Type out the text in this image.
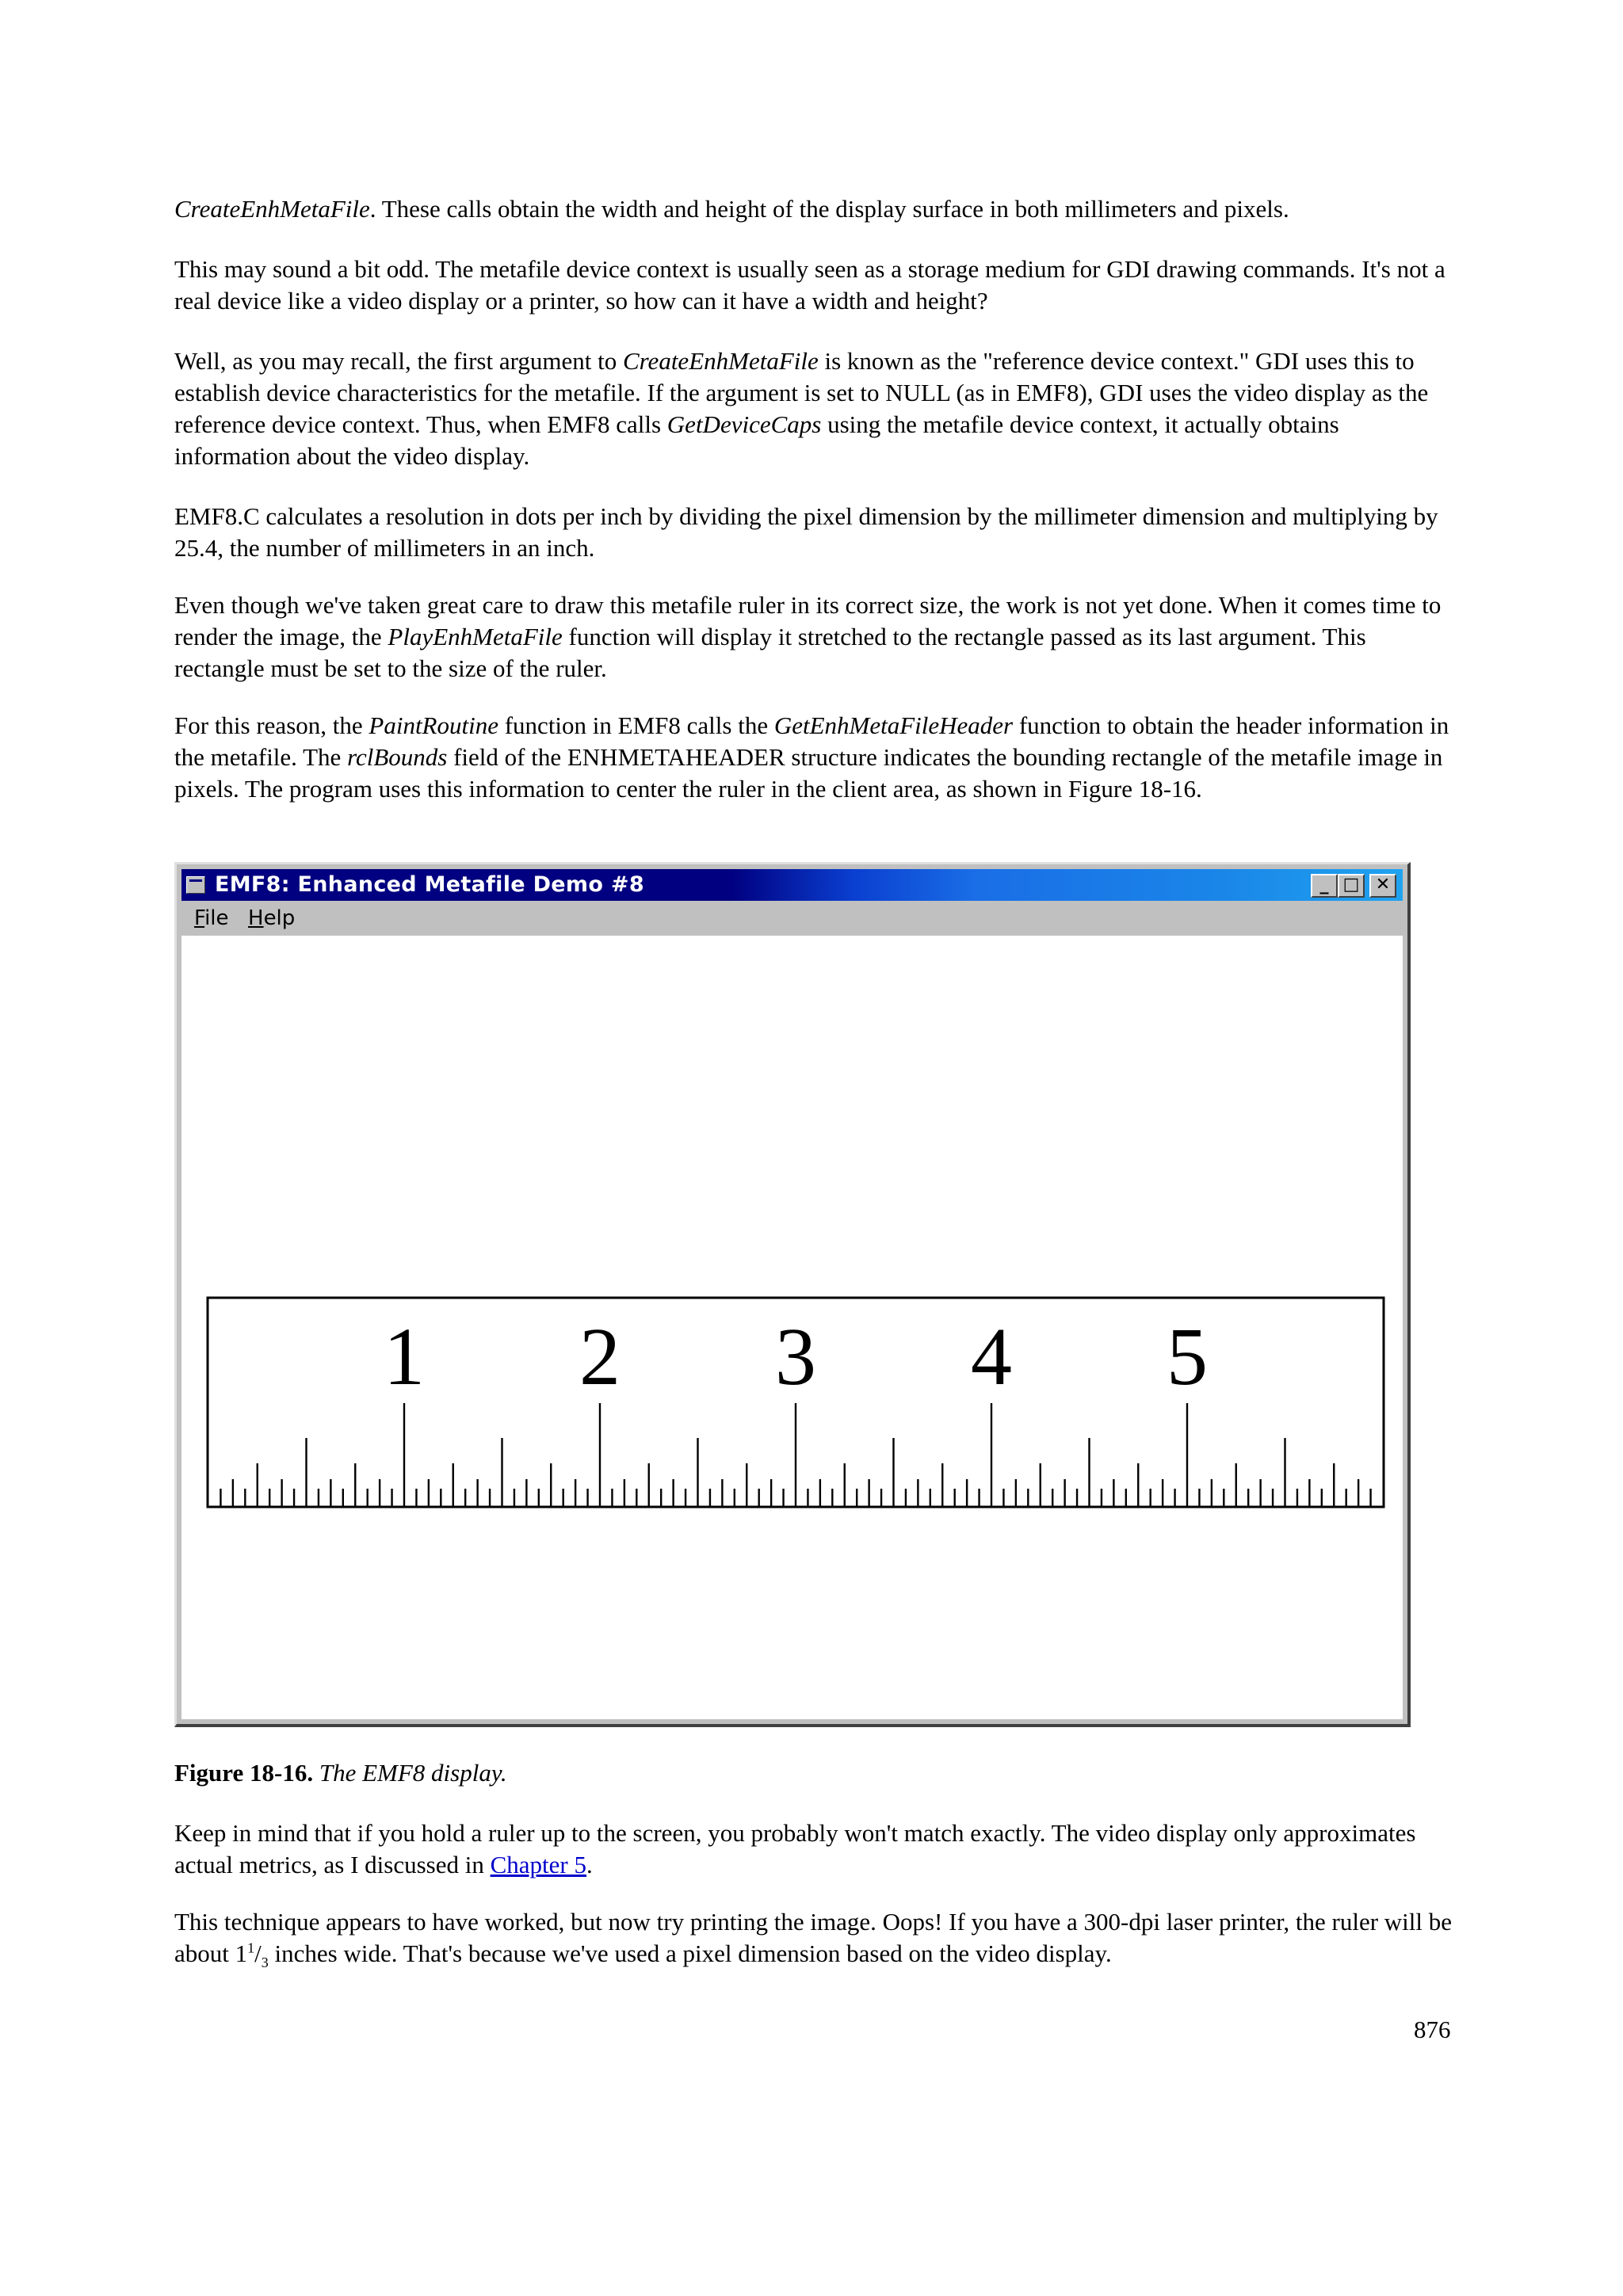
CreateEnhMetaFile. These calls obtain the width and height of the display surface in both millimeters and pixels.

This may sound a bit odd. The metafile device context is usually seen as a storage medium for GDI drawing commands. It's not a real device like a video display or a printer, so how can it have a width and height?

Well, as you may recall, the first argument to CreateEnhMetaFile is known as the "reference device context." GDI uses this to establish device characteristics for the metafile. If the argument is set to NULL (as in EMF8), GDI uses the video display as the reference device context. Thus, when EMF8 calls GetDeviceCaps using the metafile device context, it actually obtains information about the video display.

EMF8.C calculates a resolution in dots per inch by dividing the pixel dimension by the millimeter dimension and multiplying by 25.4, the number of millimeters in an inch.

Even though we've taken great care to draw this metafile ruler in its correct size, the work is not yet done. When it comes time to render the image, the PlayEnhMetaFile function will display it stretched to the rectangle passed as its last argument. This rectangle must be set to the size of the ruler.

For this reason, the PaintRoutine function in EMF8 calls the GetEnhMetaFileHeader function to obtain the header information in the metafile. The rclBounds field of the ENHMETAHEADER structure indicates the bounding rectangle of the metafile image in pixels. The program uses this information to center the ruler in the client area, as shown in Figure 18-16.

EMF8: Enhanced Metafile Demo #8	_ □ ✕
File Help
1 2 3 4 5
Figure 18-16. The EMF8 display.

Keep in mind that if you hold a ruler up to the screen, you probably won't match exactly. The video display only approximates actual metrics, as I discussed in Chapter 5.

This technique appears to have worked, but now try printing the image. Oops! If you have a 300-dpi laser printer, the ruler will be about $1^1/_3$ inches wide. That's because we've used a pixel dimension based on the video display.

876
